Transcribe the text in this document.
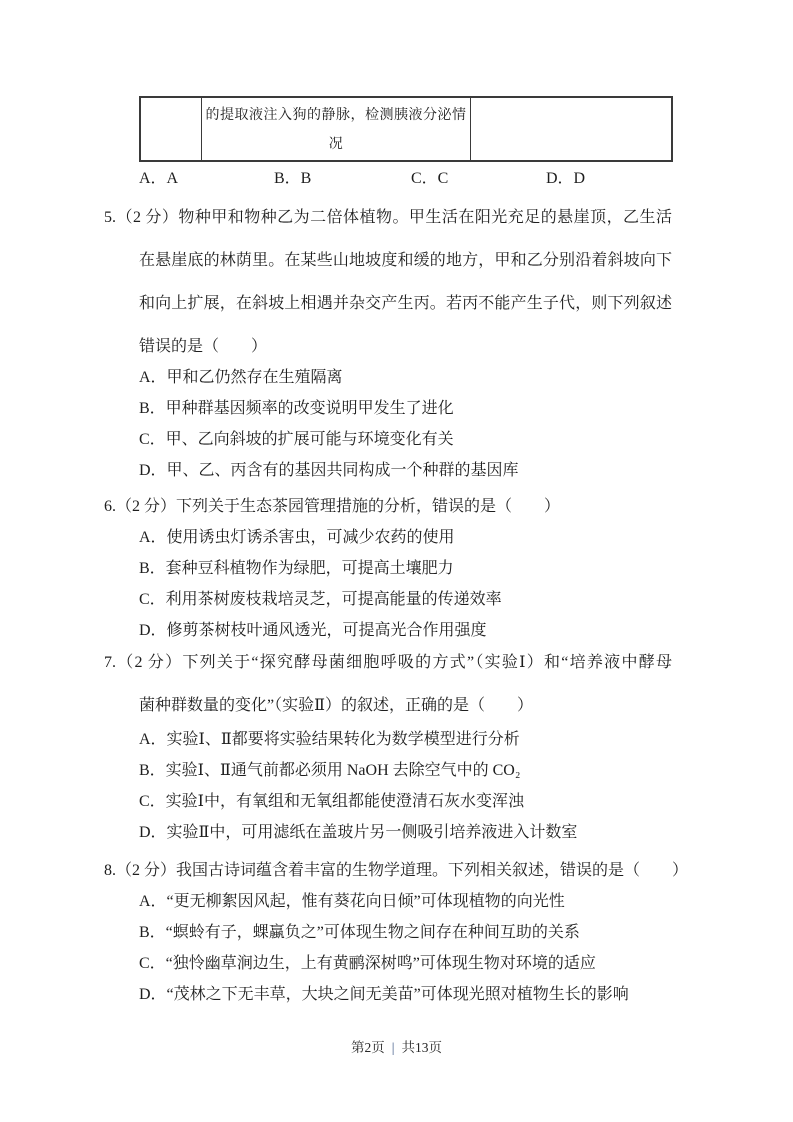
的提取液注入狗的静脉，检测胰液分泌情
况
A．A	B．B	C．C	D．D
5.（2 分）物种甲和物种乙为二倍体植物。甲生活在阳光充足的悬崖顶，乙生活
在悬崖底的林荫里。在某些山地坡度和缓的地方，甲和乙分别沿着斜坡向下
和向上扩展，在斜坡上相遇并杂交产生丙。若丙不能产生子代，则下列叙述
错误的是（　　）
A．甲和乙仍然存在生殖隔离
B．甲种群基因频率的改变说明甲发生了进化
C．甲、乙向斜坡的扩展可能与环境变化有关
D．甲、乙、丙含有的基因共同构成一个种群的基因库
6.（2 分）下列关于生态茶园管理措施的分析，错误的是（　　）
A．使用诱虫灯诱杀害虫，可减少农药的使用
B．套种豆科植物作为绿肥，可提高土壤肥力
C．利用茶树废枝栽培灵芝，可提高能量的传递效率
D．修剪茶树枝叶通风透光，可提高光合作用强度
7.（2 分）下列关于“探究酵母菌细胞呼吸的方式”（实验Ⅰ）和“培养液中酵母
菌种群数量的变化”（实验Ⅱ）的叙述，正确的是（　　）
A．实验Ⅰ、Ⅱ都要将实验结果转化为数学模型进行分析
B．实验Ⅰ、Ⅱ通气前都必须用 NaOH 去除空气中的 CO₂
C．实验Ⅰ中，有氧组和无氧组都能使澄清石灰水变浑浊
D．实验Ⅱ中，可用滤纸在盖玻片另一侧吸引培养液进入计数室
8.（2 分）我国古诗词蕴含着丰富的生物学道理。下列相关叙述，错误的是（　　）
A．“更无柳絮因风起，惟有葵花向日倾”可体现植物的向光性
B．“螟蛉有子，蜾蠃负之”可体现生物之间存在种间互助的关系
C．“独怜幽草涧边生，上有黄鹂深树鸣”可体现生物对环境的适应
D．“茂林之下无丰草，大块之间无美苗”可体现光照对植物生长的影响
第2页 | 共13页
